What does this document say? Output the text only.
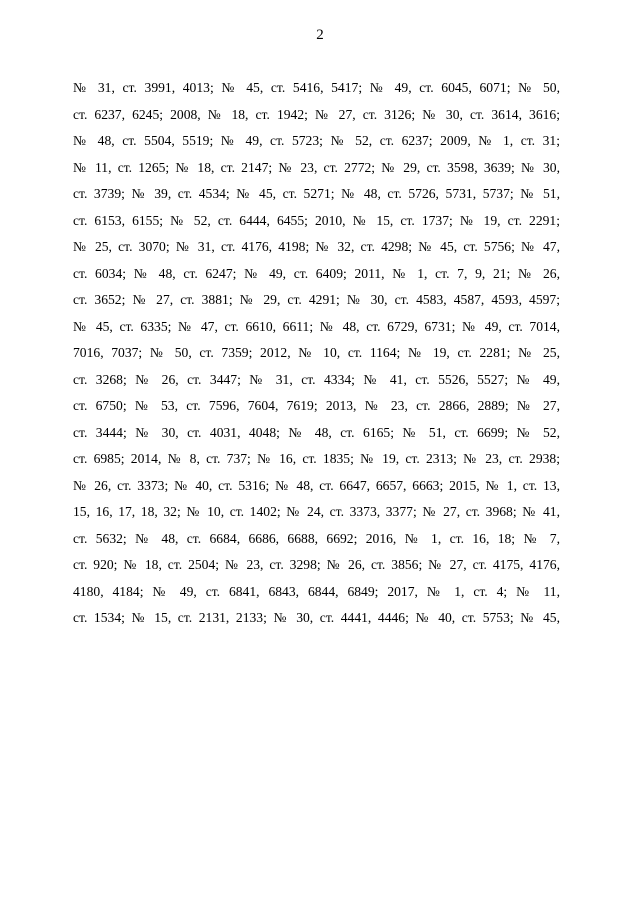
2
№ 31, ст. 3991, 4013; № 45, ст. 5416, 5417; № 49, ст. 6045, 6071; № 50,
ст. 6237, 6245; 2008, № 18, ст. 1942; № 27, ст. 3126; № 30, ст. 3614, 3616;
№ 48, ст. 5504, 5519; № 49, ст. 5723; № 52, ст. 6237; 2009, № 1, ст. 31;
№ 11, ст. 1265; № 18, ст. 2147; № 23, ст. 2772; № 29, ст. 3598, 3639; № 30,
ст. 3739; № 39, ст. 4534; № 45, ст. 5271; № 48, ст. 5726, 5731, 5737; № 51,
ст. 6153, 6155; № 52, ст. 6444, 6455; 2010, № 15, ст. 1737; № 19, ст. 2291;
№ 25, ст. 3070; № 31, ст. 4176, 4198; № 32, ст. 4298; № 45, ст. 5756; № 47,
ст. 6034; № 48, ст. 6247; № 49, ст. 6409; 2011, № 1, ст. 7, 9, 21; № 26,
ст. 3652; № 27, ст. 3881; № 29, ст. 4291; № 30, ст. 4583, 4587, 4593, 4597;
№ 45, ст. 6335; № 47, ст. 6610, 6611; № 48, ст. 6729, 6731; № 49, ст. 7014,
7016, 7037; № 50, ст. 7359; 2012, № 10, ст. 1164; № 19, ст. 2281; № 25,
ст. 3268; № 26, ст. 3447; № 31, ст. 4334; № 41, ст. 5526, 5527; № 49,
ст. 6750; № 53, ст. 7596, 7604, 7619; 2013, № 23, ст. 2866, 2889; № 27,
ст. 3444; № 30, ст. 4031, 4048; № 48, ст. 6165; № 51, ст. 6699; № 52,
ст. 6985; 2014, № 8, ст. 737; № 16, ст. 1835; № 19, ст. 2313; № 23, ст. 2938;
№ 26, ст. 3373; № 40, ст. 5316; № 48, ст. 6647, 6657, 6663; 2015, № 1, ст. 13,
15, 16, 17, 18, 32; № 10, ст. 1402; № 24, ст. 3373, 3377; № 27, ст. 3968; № 41,
ст. 5632; № 48, ст. 6684, 6686, 6688, 6692; 2016, № 1, ст. 16, 18; № 7,
ст. 920; № 18, ст. 2504; № 23, ст. 3298; № 26, ст. 3856; № 27, ст. 4175, 4176,
4180, 4184; № 49, ст. 6841, 6843, 6844, 6849; 2017, № 1, ст. 4; № 11,
ст. 1534; № 15, ст. 2131, 2133; № 30, ст. 4441, 4446; № 40, ст. 5753; № 45,
